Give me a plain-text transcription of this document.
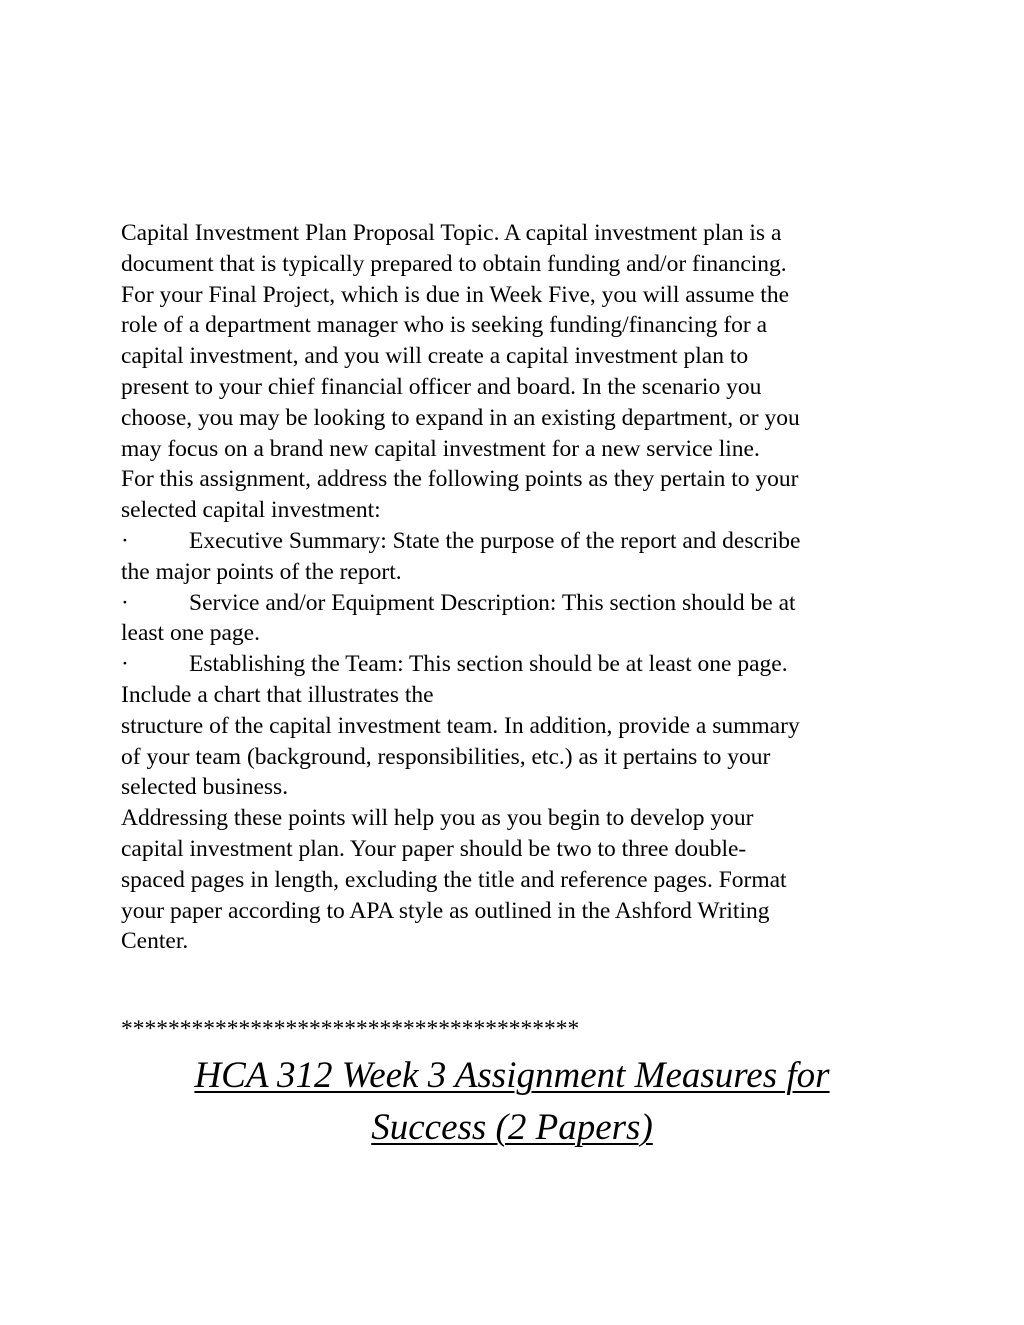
Capital Investment Plan Proposal Topic. A capital investment plan is a
document that is typically prepared to obtain funding and/or financing.
For your Final Project, which is due in Week Five, you will assume the
role of a department manager who is seeking funding/financing for a
capital investment, and you will create a capital investment plan to
present to your chief financial officer and board. In the scenario you
choose, you may be looking to expand in an existing department, or you
may focus on a brand new capital investment for a new service line.
For this assignment, address the following points as they pertain to your
selected capital investment:
·	Executive Summary: State the purpose of the report and describe
the major points of the report.
·	Service and/or Equipment Description: This section should be at
least one page.
·	Establishing the Team: This section should be at least one page.
Include a chart that illustrates the
structure of the capital investment team. In addition, provide a summary
of your team (background, responsibilities, etc.) as it pertains to your
selected business.
Addressing these points will help you as you begin to develop your
capital investment plan. Your paper should be two to three double-
spaced pages in length, excluding the title and reference pages. Format
your paper according to APA style as outlined in the Ashford Writing
Center.
***************************************
HCA 312 Week 3 Assignment Measures for
Success (2 Papers)
